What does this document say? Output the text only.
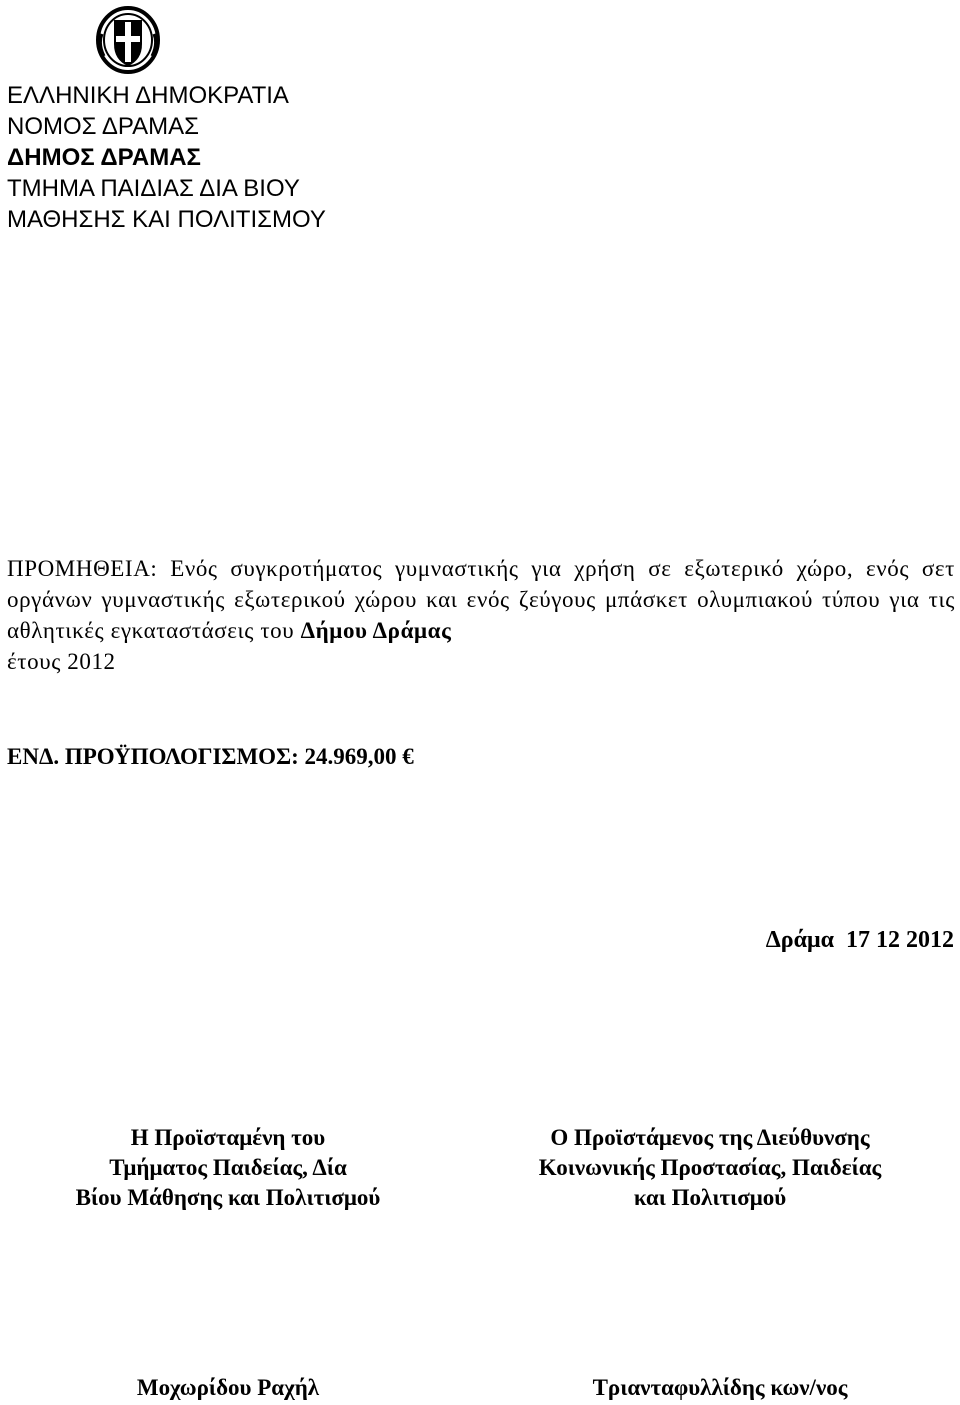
ΕΛΛΗΝΙΚΗ ΔΗΜΟΚΡΑΤΙΑ
ΝΟΜΟΣ ΔΡΑΜΑΣ
ΔΗΜΟΣ ΔΡΑΜΑΣ
ΤΜΗΜΑ ΠΑΙΔΙΑΣ ΔΙΑ ΒΙΟΥ
ΜΑΘΗΣΗΣ ΚΑΙ ΠΟΛΙΤΙΣΜΟΥ
ΠΡΟΜΗΘΕΙΑ: Ενός συγκροτήματος γυμναστικής για χρήση σε εξωτερικό χώρο, ενός σετ οργάνων γυμναστικής εξωτερικού χώρου και ενός ζεύγους μπάσκετ ολυμπιακού τύπου για τις αθλητικές εγκαταστάσεις του Δήμου Δράμας
έτους 2012
ΕΝΔ. ΠΡΟΫΠΟΛΟΓΙΣΜΟΣ: 24.969,00 €

Δράμα  17 12 2012

Η Προϊσταμένη του
Τμήματος Παιδείας, Δία
Βίου Μάθησης και Πολιτισμού
Ο Προϊστάμενος της Διεύθυνσης
Κοινωνικής Προστασίας, Παιδείας
και Πολιτισμού
Μοχωρίδου Ραχήλ	Τριανταφυλλίδης κων/νος
